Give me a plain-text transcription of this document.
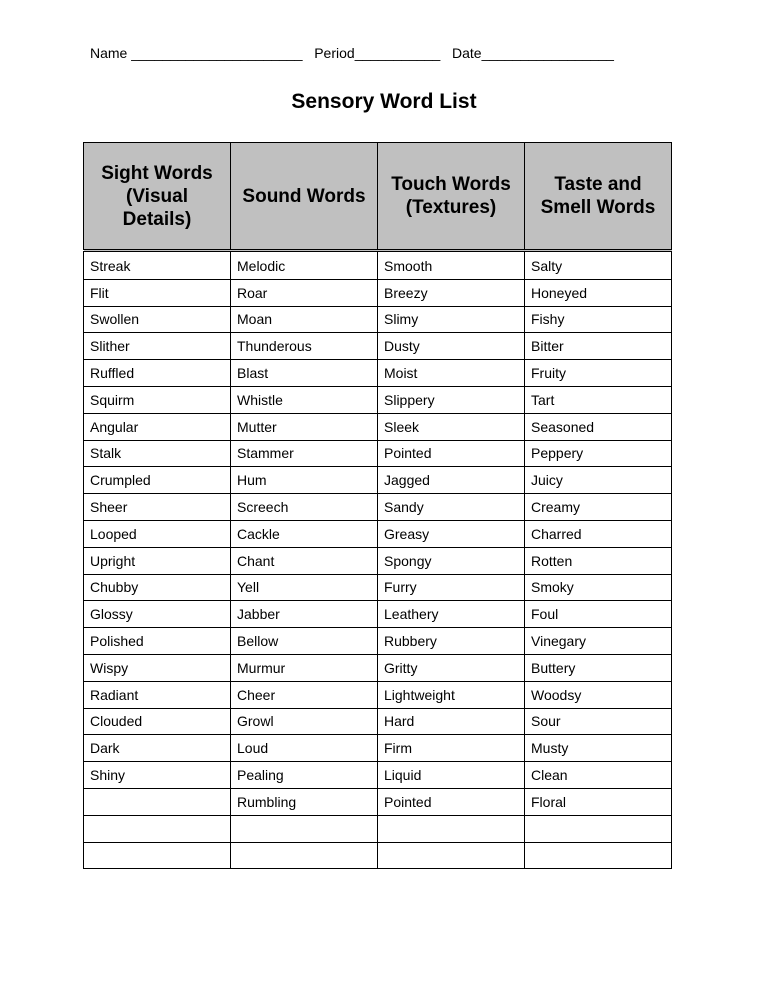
Name ______________________ Period___________ Date_________________
Sensory Word List
Sight Words (Visual Details)	Sound Words	Touch Words (Textures)	Taste and Smell Words
Streak	Melodic	Smooth	Salty
Flit	Roar	Breezy	Honeyed
Swollen	Moan	Slimy	Fishy
Slither	Thunderous	Dusty	Bitter
Ruffled	Blast	Moist	Fruity
Squirm	Whistle	Slippery	Tart
Angular	Mutter	Sleek	Seasoned
Stalk	Stammer	Pointed	Peppery
Crumpled	Hum	Jagged	Juicy
Sheer	Screech	Sandy	Creamy
Looped	Cackle	Greasy	Charred
Upright	Chant	Spongy	Rotten
Chubby	Yell	Furry	Smoky
Glossy	Jabber	Leathery	Foul
Polished	Bellow	Rubbery	Vinegary
Wispy	Murmur	Gritty	Buttery
Radiant	Cheer	Lightweight	Woodsy
Clouded	Growl	Hard	Sour
Dark	Loud	Firm	Musty
Shiny	Pealing	Liquid	Clean
	Rumbling	Pointed	Floral
